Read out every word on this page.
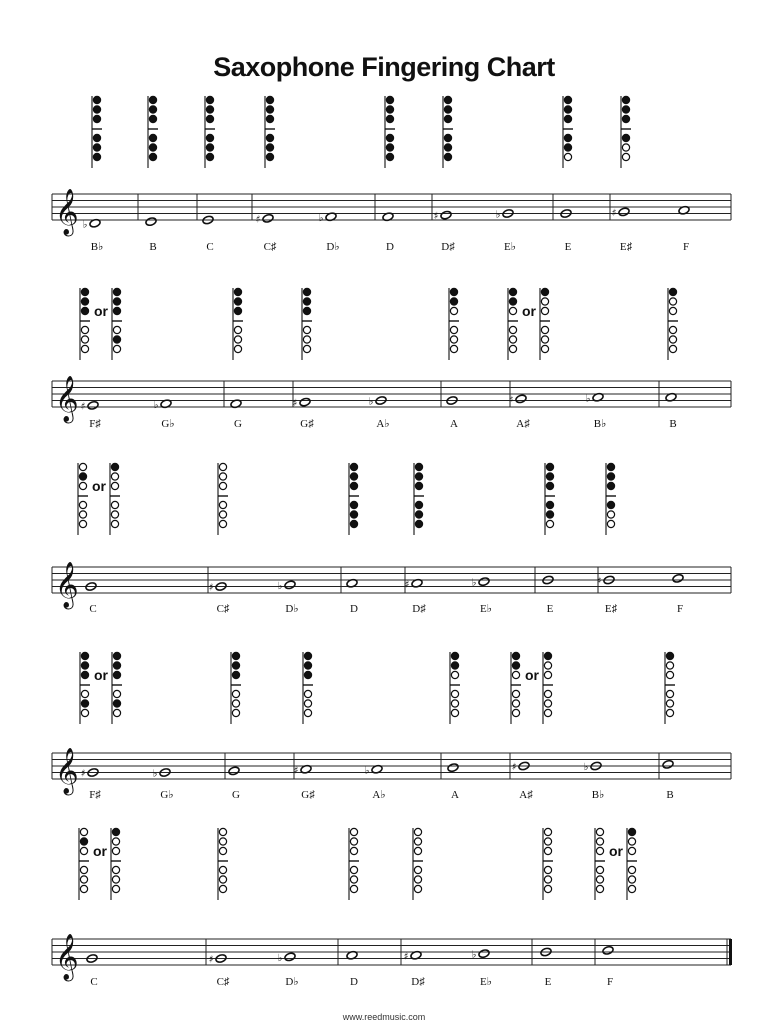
Saxophone Fingering Chart
𝄞
B♭
♭
B	C	C♯
♯
D♭
♭
D	D♯
♯
E♭
♭
E	E♯
♯
F
𝄞
F♯
♯
or
G♭
♭
G	G♯
♯
A♭
♭
A	A♯
♯
or
B♭
♭
B
𝄞
C
or
C♯
♯
D♭
♭
D	D♯
♯
E♭
♭
E	E♯
♯
F
𝄞
F♯
♯
or
G♭
♭
G	G♯
♯
A♭
♭
A	A♯
♯
or
B♭
♭
B
𝄞
C
or
C♯
♯
D♭
♭
D	D♯
♯
E♭
♭
E	F
or
www.reedmusic.com
